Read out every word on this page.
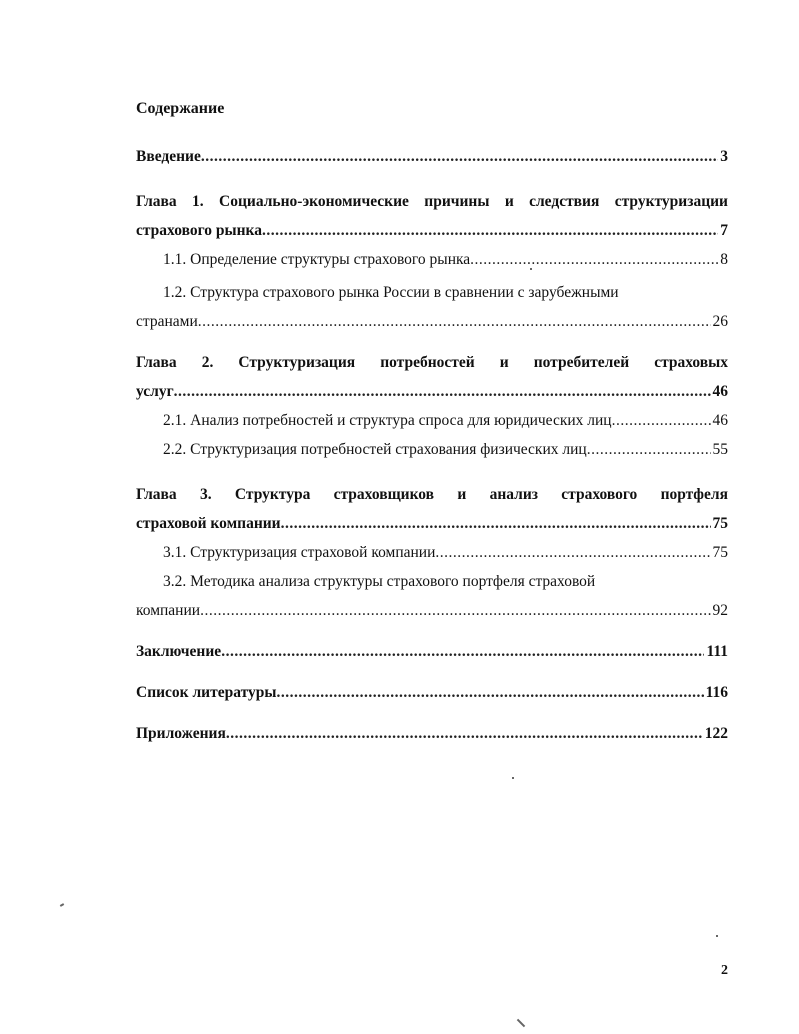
Содержание
Введение .....	3
Глава 1. Социально-экономические причины и следствия структуризации
страхового рынка .....	7
1.1. Определение структуры страхового рынка .....	8
1.2. Структура страхового рынка России в сравнении с зарубежными
странами .....	26
Глава 2. Структуризация потребностей и потребителей страховых
услуг .....	46
2.1. Анализ потребностей и структура спроса для юридических лиц .....	46
2.2. Структуризация потребностей страхования физических лиц .....	55
Глава 3. Структура страховщиков и анализ страхового портфеля
страховой компании .....	75
3.1. Структуризация страховой компании .....	75
3.2. Методика анализа структуры страхового портфеля страховой
компании .....	92
Заключение .....	111
Список литературы .....	116
Приложения .....	122
2
